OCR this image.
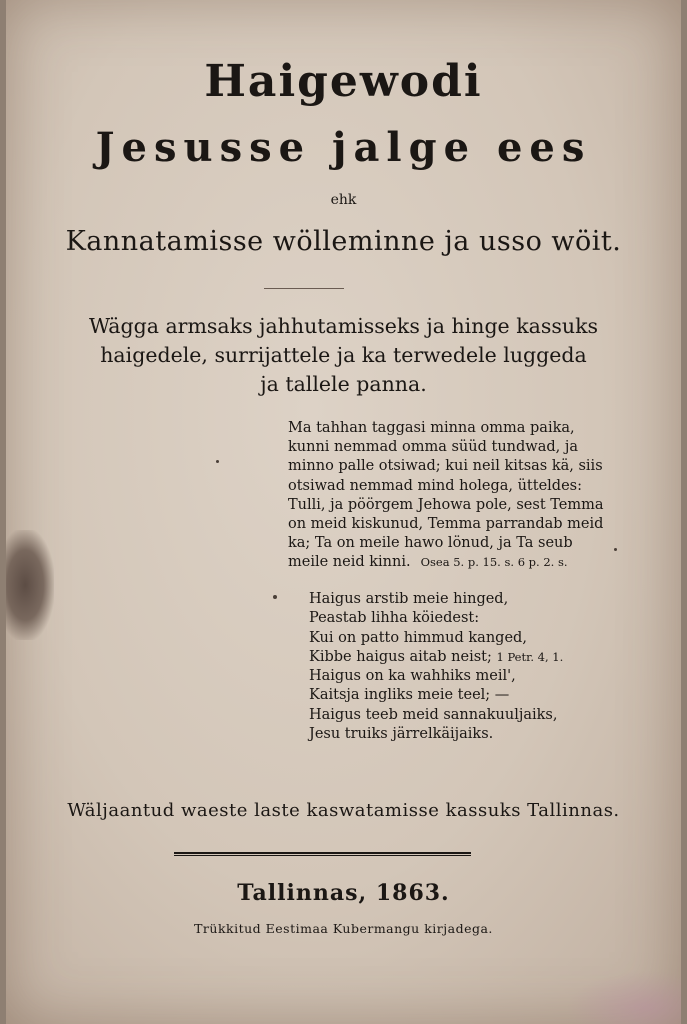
Haigewodi
Jesusse jalge ees
ehk
Kannatamisse wölleminne ja usso wöit.
Wägga armsaks jahhutamisseks ja hinge kassuks
haigedele, surrijattele ja ka terwedele luggeda
ja tallele panna.
Ma tahhan taggasi minna omma paika,
kunni nemmad omma süüd tundwad, ja
minno palle otsiwad; kui neil kitsas kä, siis
otsiwad nemmad mind holega, ütteldes:
Tulli, ja pöörgem Jehowa pole, sest Temma
on meid kiskunud, Temma parrandab meid
ka; Ta on meile hawo lönud, ja Ta seub
meile neid kinni. Osea 5. p. 15. s. 6 p. 2. s.
Haigus arstib meie hinged,
Peastab lihha köiedest:
Kui on patto himmud kanged,
Kibbe haigus aitab neist; 1 Petr. 4, 1.
Haigus on ka wahhiks meil',
Kaitsja ingliks meie teel; —
Haigus teeb meid sannakuuljaiks,
Jesu truiks järrelkäijaiks.
Wäljaantud waeste laste kaswatamisse kassuks Tallinnas.
Tallinnas, 1863.
Trükkitud Eestimaa Kubermangu kirjadega.
